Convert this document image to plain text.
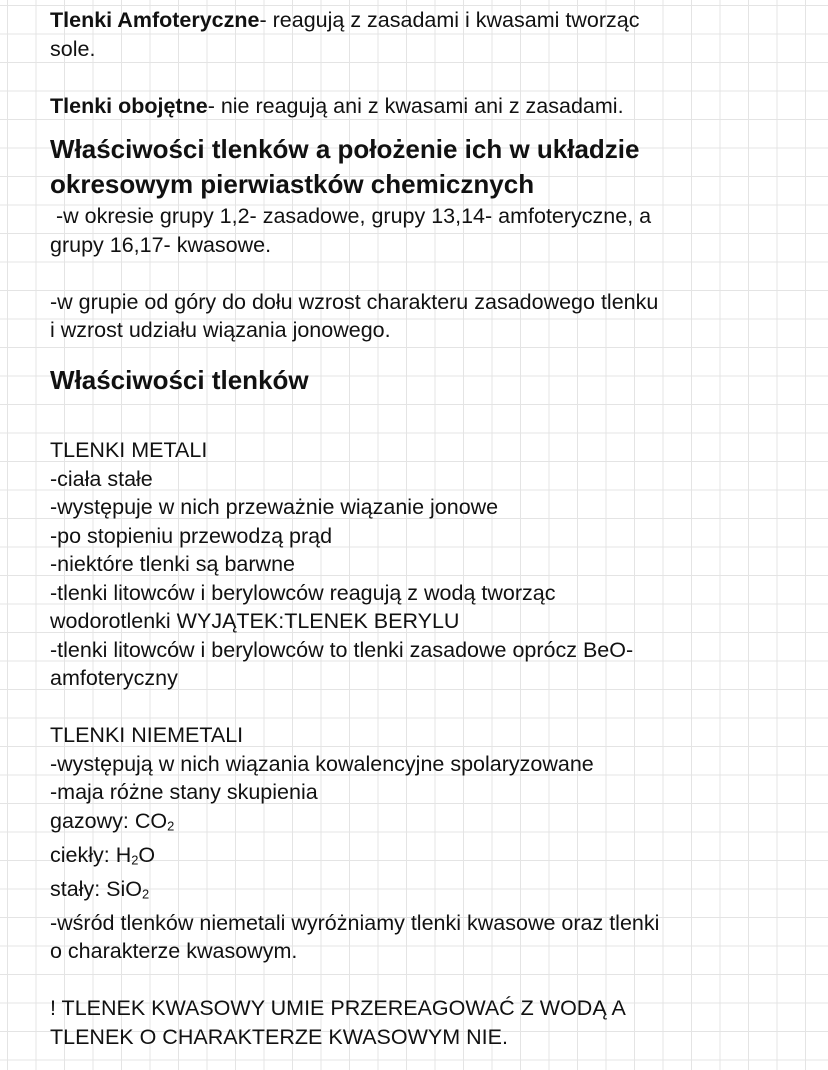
Tlenki Amfoteryczne- reagują z zasadami i kwasami tworząc

sole.

Tlenki obojętne- nie reagują ani z kwasami ani z zasadami.

Właściwości tlenków a położenie ich w układzie

okresowym pierwiastków chemicznych

-w okresie grupy 1,2- zasadowe, grupy 13,14- amfoteryczne, a

grupy 16,17- kwasowe.

-w grupie od góry do dołu wzrost charakteru zasadowego tlenku

i wzrost udziału wiązania jonowego.

Właściwości tlenków

TLENKI METALI

-ciała stałe

-występuje w nich przeważnie wiązanie jonowe

-po stopieniu przewodzą prąd

-niektóre tlenki są barwne

-tlenki litowców i berylowców reagują z wodą tworząc

wodorotlenki WYJĄTEK:TLENEK BERYLU

-tlenki litowców i berylowców to tlenki zasadowe oprócz BeO-

amfoteryczny

TLENKI NIEMETALI

-występują w nich wiązania kowalencyjne spolaryzowane

-maja różne stany skupienia

gazowy: $CO_2$

ciekły: $H_2O$

stały: SiO$_2$

-wśród tlenków niemetali wyróżniamy tlenki kwasowe oraz tlenki

o charakterze kwasowym.

! TLENEK KWASOWY UMIE PRZEREAGOWAĆ Z WODĄ A

TLENEK O CHARAKTERZE KWASOWYM NIE.
